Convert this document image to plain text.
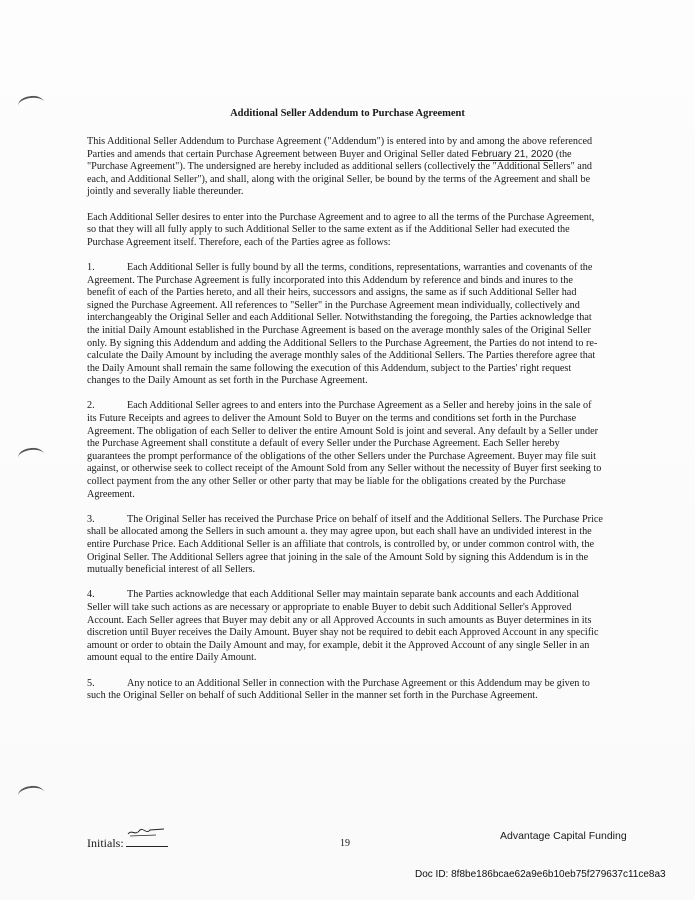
Additional Seller Addendum to Purchase Agreement

This Additional Seller Addendum to Purchase Agreement ("Addendum") is entered into by and among the above referenced Parties and amends that certain Purchase Agreement between Buyer and Original Seller dated February 21, 2020 (the "Purchase Agreement"). The undersigned are hereby included as additional sellers (collectively the "Additional Sellers" and each, and Additional Seller"), and shall, along with the original Seller, be bound by the terms of the Agreement and shall be jointly and severally liable thereunder.

Each Additional Seller desires to enter into the Purchase Agreement and to agree to all the terms of the Purchase Agreement, so that they will all fully apply to such Additional Seller to the same extent as if the Additional Seller had executed the Purchase Agreement itself. Therefore, each of the Parties agree as follows:

1.	Each Additional Seller is fully bound by all the terms, conditions, representations, warranties and covenants of the Agreement. The Purchase Agreement is fully incorporated into this Addendum by reference and binds and inures to the benefit of each of the Parties hereto, and all their heirs, successors and assigns, the same as if such Additional Seller had signed the Purchase Agreement. All references to "Seller" in the Purchase Agreement mean individually, collectively and interchangeably the Original Seller and each Additional Seller. Notwithstanding the foregoing, the Parties acknowledge that the initial Daily Amount established in the Purchase Agreement is based on the average monthly sales of the Original Seller only. By signing this Addendum and adding the Additional Sellers to the Purchase Agreement, the Parties do not intend to re-calculate the Daily Amount by including the average monthly sales of the Additional Sellers. The Parties therefore agree that the Daily Amount shall remain the same following the execution of this Addendum, subject to the Parties' right request changes to the Daily Amount as set forth in the Purchase Agreement.

2.	Each Additional Seller agrees to and enters into the Purchase Agreement as a Seller and hereby joins in the sale of its Future Receipts and agrees to deliver the Amount Sold to Buyer on the terms and conditions set forth in the Purchase Agreement. The obligation of each Seller to deliver the entire Amount Sold is joint and several. Any default by a Seller under the Purchase Agreement shall constitute a default of every Seller under the Purchase Agreement. Each Seller hereby guarantees the prompt performance of the obligations of the other Sellers under the Purchase Agreement. Buyer may file suit against, or otherwise seek to collect receipt of the Amount Sold from any Seller without the necessity of Buyer first seeking to collect payment from the any other Seller or other party that may be liable for the obligations created by the Purchase Agreement.

3.	The Original Seller has received the Purchase Price on behalf of itself and the Additional Sellers. The Purchase Price shall be allocated among the Sellers in such amount a. they may agree upon, but each shall have an undivided interest in the entire Purchase Price. Each Additional Seller is an affiliate that controls, is controlled by, or under common control with, the Original Seller. The Additional Sellers agree that joining in the sale of the Amount Sold by signing this Addendum is in the mutually beneficial interest of all Sellers.

4.	The Parties acknowledge that each Additional Seller may maintain separate bank accounts and each Additional Seller will take such actions as are necessary or appropriate to enable Buyer to debit such Additional Seller's Approved Account. Each Seller agrees that Buyer may debit any or all Approved Accounts in such amounts as Buyer determines in its discretion until Buyer receives the Daily Amount. Buyer shay not be required to debit each Approved Account in any specific amount or order to obtain the Daily Amount and may, for example, debit it the Approved Account of any single Seller in an amount equal to the entire Daily Amount.

5.	Any notice to an Additional Seller in connection with the Purchase Agreement or this Addendum may be given to such the Original Seller on behalf of such Additional Seller in the manner set forth in the Purchase Agreement.

Initials:	19
Advantage Capital Funding
Doc ID: 8f8be186bcae62a9e6b10eb75f279637c11ce8a3
